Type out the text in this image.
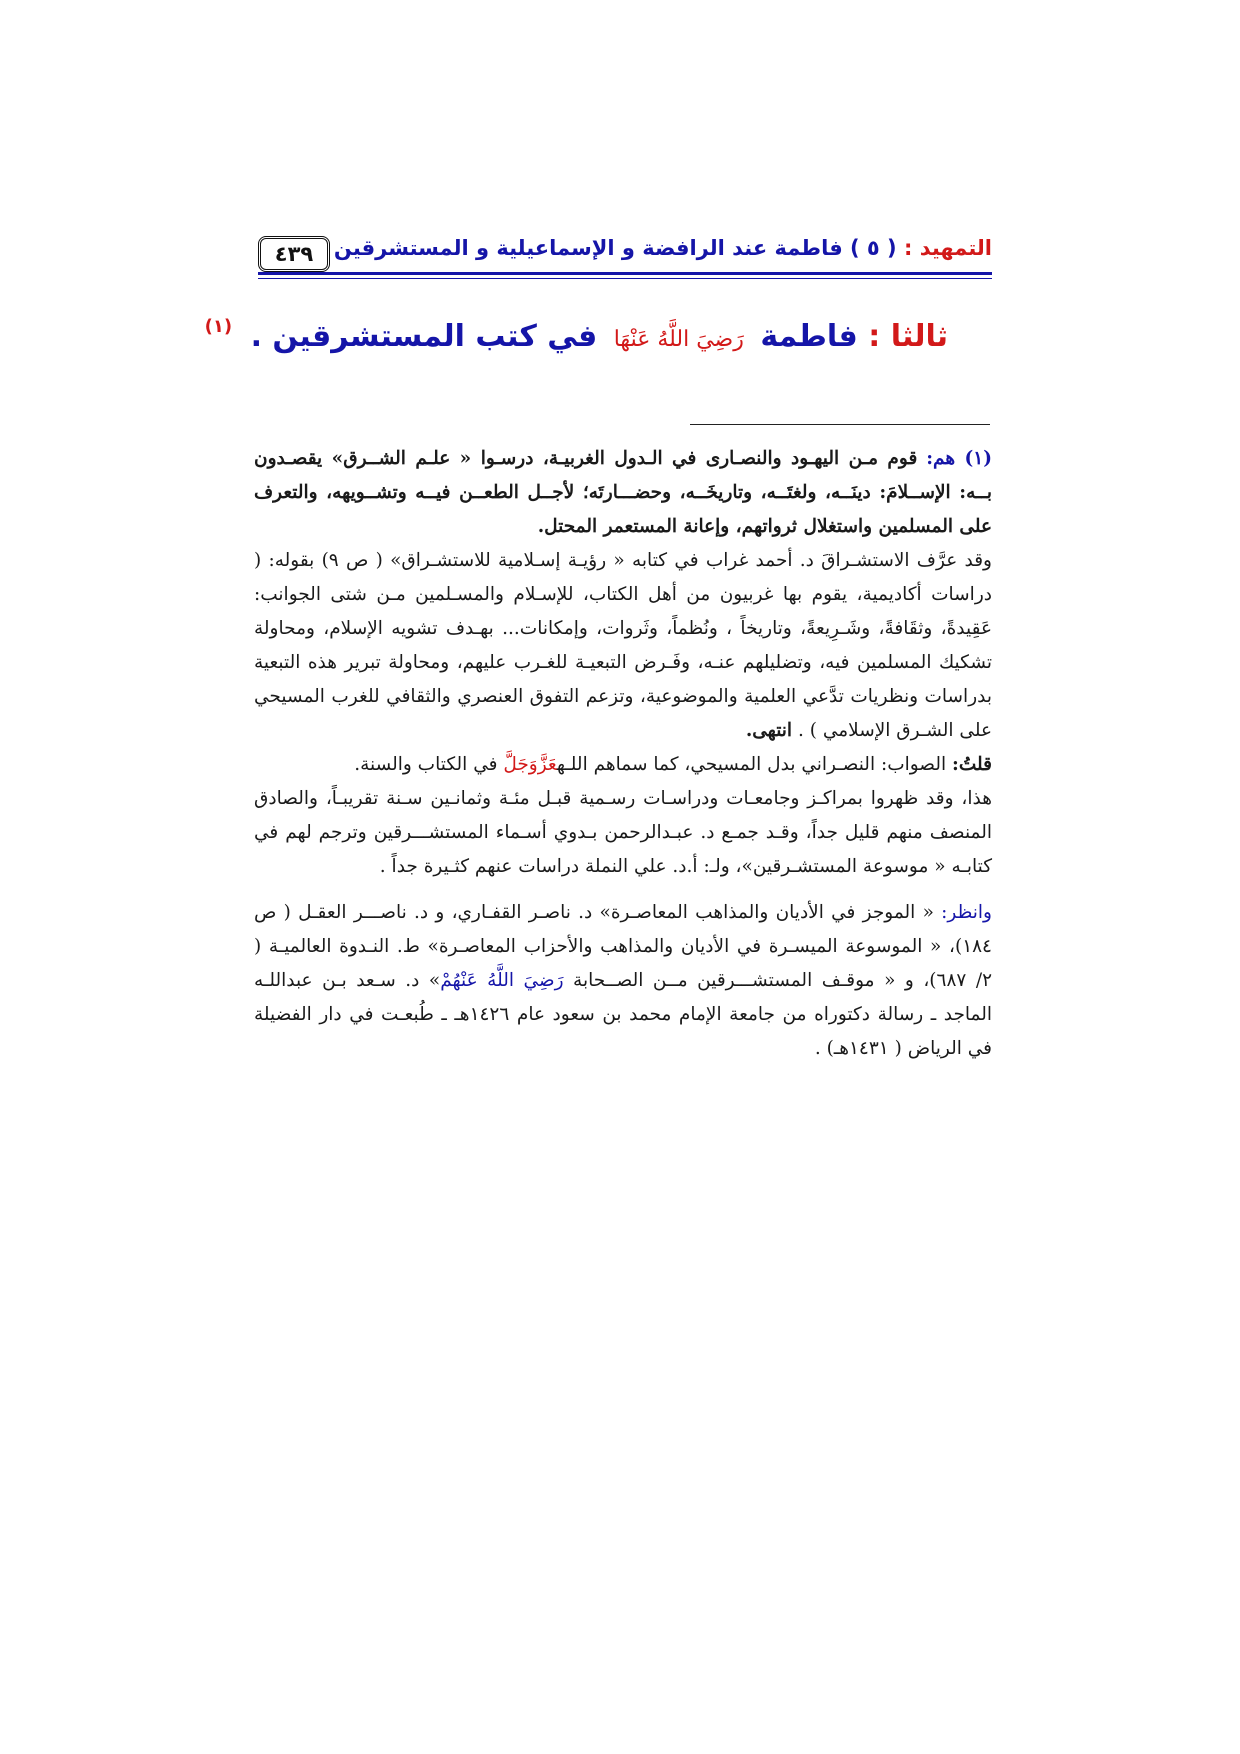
٤٣٩	التمهيد : ( ٥ ) فاطمة عند الرافضة و الإسماعيلية و المستشرقين
ثالثا : فاطمة رَضِيَ اللَّهُ عَنْهَا في كتب المستشرقين . $^{(١)}$

(١) هم: قوم مـن اليهـود والنصـارى في الـدول الغربيـة، درسـوا « علـم الشــرق» يقصـدون بــه: الإســلامَ: دينَــه، ولغتَــه، وتاريخَــه، وحضـــارتَه؛ لأجــل الطعــن فيــه وتشــويهه، والتعرف على المسلمين واستغلال ثرواتهم، وإعانة المستعمر المحتل.

وقد عرَّف الاستشـراقَ د. أحمد غراب في كتابه « رؤيـة إسـلامية للاستشـراق» ( ص ٩) بقوله: ( دراسات أكاديمية، يقوم بها غربيون من أهل الكتاب، للإسـلام والمسـلمين مـن شتى الجوانب: عَقِيدةً، وثقَافةً، وشَـرِيعةً، وتاريخاً ، ونُظماً، وثَروات، وإمكانات... بهـدف تشويه الإسلام، ومحاولة تشكيك المسلمين فيه، وتضليلهم عنـه، وفَـرض التبعيـة للغـرب عليهم، ومحاولة تبرير هذه التبعية بدراسات ونظريات تدَّعي العلمية والموضوعية، وتزعم التفوق العنصري والثقافي للغرب المسيحي على الشـرق الإسلامي ) . انتهى.

قلتُ: الصواب: النصـراني بدل المسيحي، كما سماهم اللـهعَزَّوَجَلَّ في الكتاب والسنة.

هذا، وقد ظهروا بمراكـز وجامعـات ودراسـات رسـمية قبـل مئـة وثمانـين سـنة تقريبـاً، والصادق المنصف منهم قليل جداً، وقـد جمـع د. عبـدالرحمن بـدوي أسـماء المستشـــرقين وترجم لهم في كتابـه « موسوعة المستشـرقين»، ولـ: أ.د. علي النملة دراسات عنهم كثـيرة جداً .

وانظر: « الموجز في الأديان والمذاهب المعاصـرة» د. ناصـر القفـاري، و د. ناصـــر العقـل ( ص ١٨٤)، « الموسوعة الميسـرة في الأديان والمذاهب والأحزاب المعاصـرة» ط. النـدوة العالميـة ( ٢/ ٦٨٧)، و « موقـف المستشـــرقين مــن الصــحابة رَضِيَ اللَّهُ عَنْهُمْ» د. سـعد بـن عبداللـه الماجد ـ رسالة دكتوراه من جامعة الإمام محمد بن سعود عام ١٤٢٦هـ ـ طُبعـت في دار الفضيلة في الرياض ( ١٤٣١هـ) .
